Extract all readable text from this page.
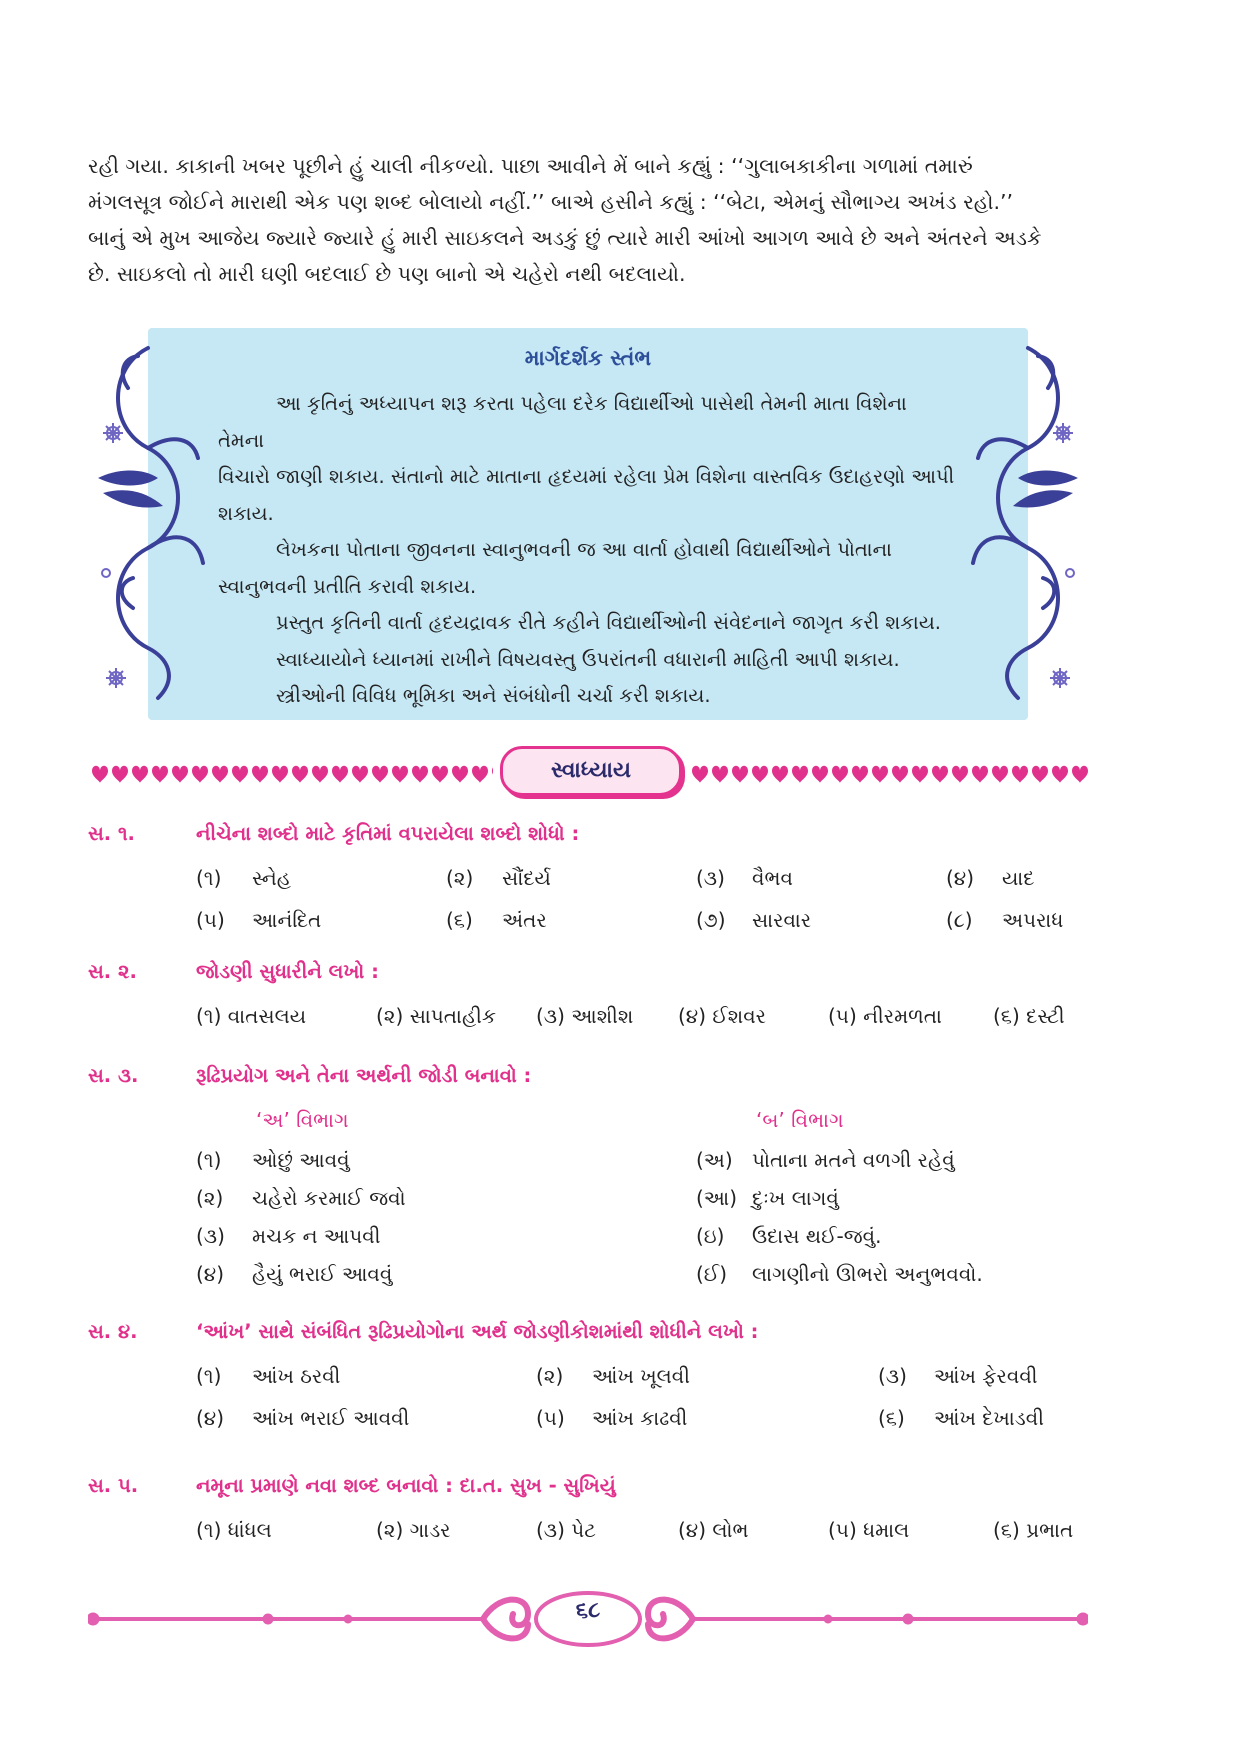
રહી ગયા. કાકાની ખબર પૂછીને હું ચાલી નીકળ્યો. પાછા આવીને મેં બાને કહ્યું : ‘‘ગુલાબકાકીના ગળામાં તમારું

મંગલસૂત્ર જોઈને મારાથી એક પણ શબ્દ બોલાયો નહીં.’’ બાએ હસીને કહ્યું : ‘‘બેટા, એમનું સૌભાગ્ય અખંડ રહો.’’

બાનું એ મુખ આજેય જ્યારે જ્યારે હું મારી સાઇકલને અડકું છું ત્યારે મારી આંખો આગળ આવે છે અને અંતરને અડકે

છે. સાઇકલો તો મારી ઘણી બદલાઈ છે પણ બાનો એ ચહેરો નથી બદલાયો.

માર્ગદર્શક સ્તંભ

આ કૃતિનું અધ્યાપન શરૂ કરતા પહેલા દરેક વિદ્યાર્થીઓ પાસેથી તેમની માતા વિશેના તેમના

વિચારો જાણી શકાય. સંતાનો માટે માતાના હૃદયમાં રહેલા પ્રેમ વિશેના વાસ્તવિક ઉદાહરણો આપી

શકાય.

લેખકના પોતાના જીવનના સ્વાનુભવની જ આ વાર્તા હોવાથી વિદ્યાર્થીઓને પોતાના

સ્વાનુભવની પ્રતીતિ કરાવી શકાય.

પ્રસ્તુત કૃતિની વાર્તા હૃદયદ્રાવક રીતે કહીને વિદ્યાર્થીઓની સંવેદનાને જાગૃત કરી શકાય.

સ્વાધ્યાયોને ધ્યાનમાં રાખીને વિષયવસ્તુ ઉપરાંતની વધારાની માહિતી આપી શકાય.

સ્ત્રીઓની વિવિધ ભૂમિકા અને સંબંધોની ચર્ચા કરી શકાય.

સ્વાધ્યાય
સ. ૧.	નીચેના શબ્દો માટે કૃતિમાં વપરાયેલા શબ્દો શોધો :
(૧) સ્નેહ	(૨) સૌંદર્ય	(૩) વૈભવ	(૪) યાદ
(૫) આનંદિત	(૬) અંતર	(૭) સારવાર	(૮) અપરાધ
સ. ૨.	જોડણી સુધારીને લખો :
(૧) વાતસલય	(૨) સાપતાહીક (૩) આશીશ (૪) ઈશવર	(૫) નીરમળતા	(૬) દસ્ટી
સ. ૩.	રૂઢિપ્રયોગ અને તેના અર્થની જોડી બનાવો :
‘અ’ વિભાગ	‘બ’ વિભાગ
(૧) ઓછું આવવું	(અ) પોતાના મતને વળગી રહેવું
(૨) ચહેરો કરમાઈ જવો	(આ) દુઃખ લાગવું
(૩) મચક ન આપવી	(ઇ) ઉદાસ થઈ-જવું.
(૪) હૈયું ભરાઈ આવવું	(ઈ) લાગણીનો ઊભરો અનુભવવો.
સ. ૪.	‘આંખ’ સાથે સંબંધિત રૂઢિપ્રયોગોના અર્થ જોડણીકોશમાંથી શોધીને લખો :
(૧) આંખ ઠરવી	(૨) આંખ ખૂલવી	(૩) આંખ ફેરવવી
(૪) આંખ ભરાઈ આવવી	(૫) આંખ કાઢવી	(૬) આંખ દેખાડવી
સ. ૫.	નમૂના પ્રમાણે નવા શબ્દ બનાવો : દા.ત. સુખ - સુખિયું
(૧) ધાંધલ	(૨) ગાડર	(૩) પેટ	(૪) લોભ	(૫) ધમાલ	(૬) પ્રભાત
૬૮
